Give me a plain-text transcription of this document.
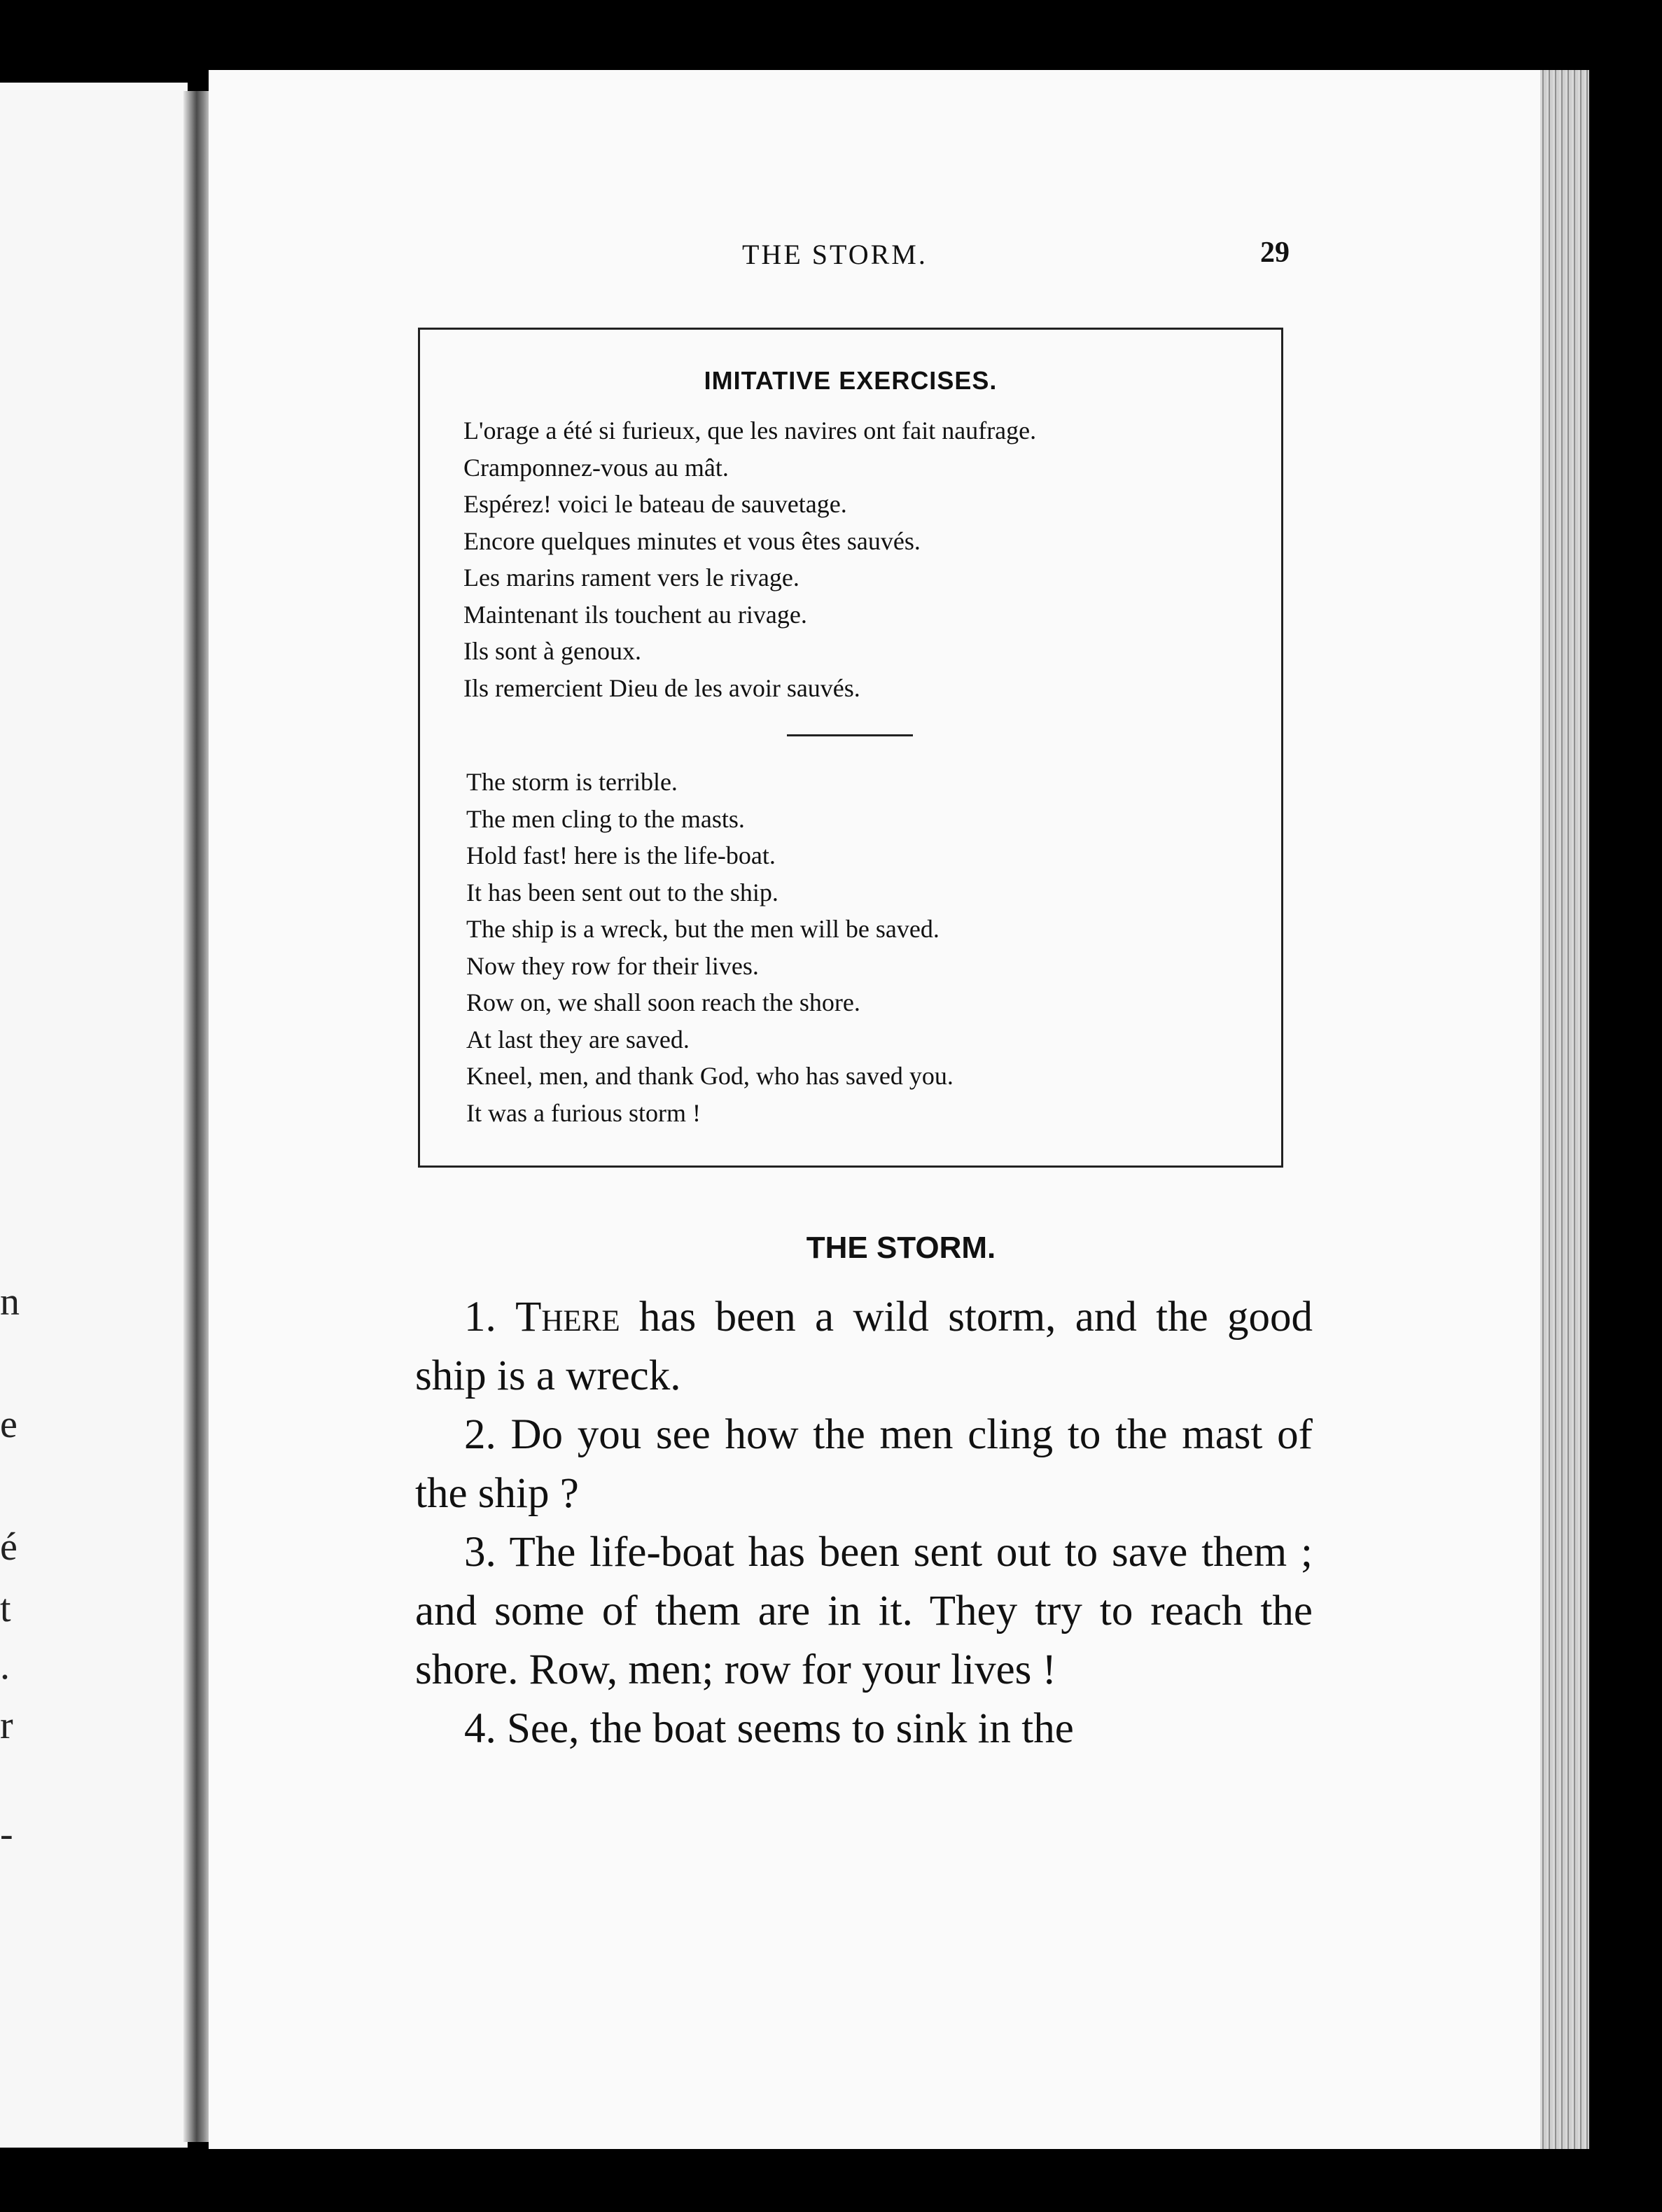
n
e
é
t
.
r
-
THE STORM.	29
IMITATIVE EXERCISES.
L'orage a été si furieux, que les navires ont fait naufrage.
Cramponnez-vous au mât.
Espérez! voici le bateau de sauvetage.
Encore quelques minutes et vous êtes sauvés.
Les marins rament vers le rivage.
Maintenant ils touchent au rivage.
Ils sont à genoux.
Ils remercient Dieu de les avoir sauvés.
The storm is terrible.
The men cling to the masts.
Hold fast! here is the life-boat.
It has been sent out to the ship.
The ship is a wreck, but the men will be saved.
Now they row for their lives.
Row on, we shall soon reach the shore.
At last they are saved.
Kneel, men, and thank God, who has saved you.
It was a furious storm !
THE STORM.

1. There has been a wild storm, and the good ship is a wreck.

2. Do you see how the men cling to the mast of the ship ?

3. The life-boat has been sent out to save them ; and some of them are in it. They try to reach the shore. Row, men; row for your lives !

4. See, the boat seems to sink in the
